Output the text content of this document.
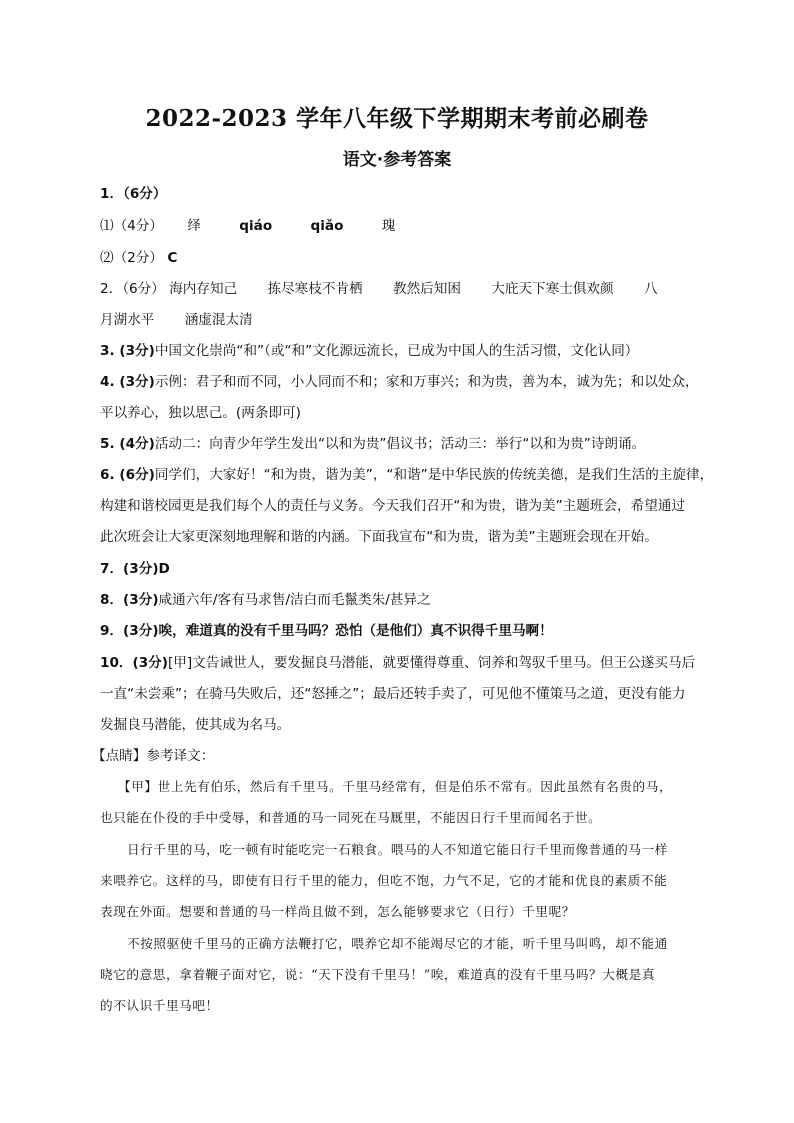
2022-2023 学年八年级下学期期末考前必刷卷
语文·参考答案
1．（6分）
⑴（4分） 绎	qiáo	qiǎo	瑰
⑵（2分） C
2．（6分） 海内存知己 拣尽寒枝不肯栖 教然后知困 大庇天下寒士俱欢颜 八
月湖水平 涵虚混太清
3. (3分)中国文化崇尚“和”（或“和”文化源远流长，已成为中国人的生活习惯，文化认同）
4. (3分)示例：君子和而不同，小人同而不和；家和万事兴；和为贵，善为本，诚为先；和以处众，
平以养心，独以思己。(两条即可)
5. (4分)活动二：向青少年学生发出“以和为贵”倡议书；活动三：举行“以和为贵”诗朗诵。
6. (6分)同学们，大家好！“和为贵，谐为美”，“和谐”是中华民族的传统美德，是我们生活的主旋律，
构建和谐校园更是我们每个人的责任与义务。今天我们召开“和为贵，谐为美”主题班会，希望通过
此次班会让大家更深刻地理解和谐的内涵。下面我宣布“和为贵，谐为美”主题班会现在开始。
7．(3分)D
8．(3分)咸通六年/客有马求售/洁白而毛鬣类朱/甚异之
9．(3分)唉，难道真的没有千里马吗？恐怕（是他们）真不识得千里马啊！
10．(3分)[甲]文告诫世人，要发掘良马潜能，就要懂得尊重、饲养和驾驭千里马。但王公遂买马后
一直“未尝乘”；在骑马失败后，还“怒捶之”；最后还转手卖了，可见他不懂策马之道，更没有能力
发掘良马潜能，使其成为名马。
【点睛】参考译文：
【甲】世上先有伯乐，然后有千里马。千里马经常有，但是伯乐不常有。因此虽然有名贵的马，
也只能在仆役的手中受辱，和普通的马一同死在马厩里，不能因日行千里而闻名于世。
日行千里的马，吃一顿有时能吃完一石粮食。喂马的人不知道它能日行千里而像普通的马一样
来喂养它。这样的马，即使有日行千里的能力，但吃不饱，力气不足，它的才能和优良的素质不能
表现在外面。想要和普通的马一样尚且做不到，怎么能够要求它（日行）千里呢？
不按照驱使千里马的正确方法鞭打它，喂养它却不能竭尽它的才能，听千里马叫鸣，却不能通
晓它的意思，拿着鞭子面对它，说：“天下没有千里马！”唉，难道真的没有千里马吗？大概是真
的不认识千里马吧！
